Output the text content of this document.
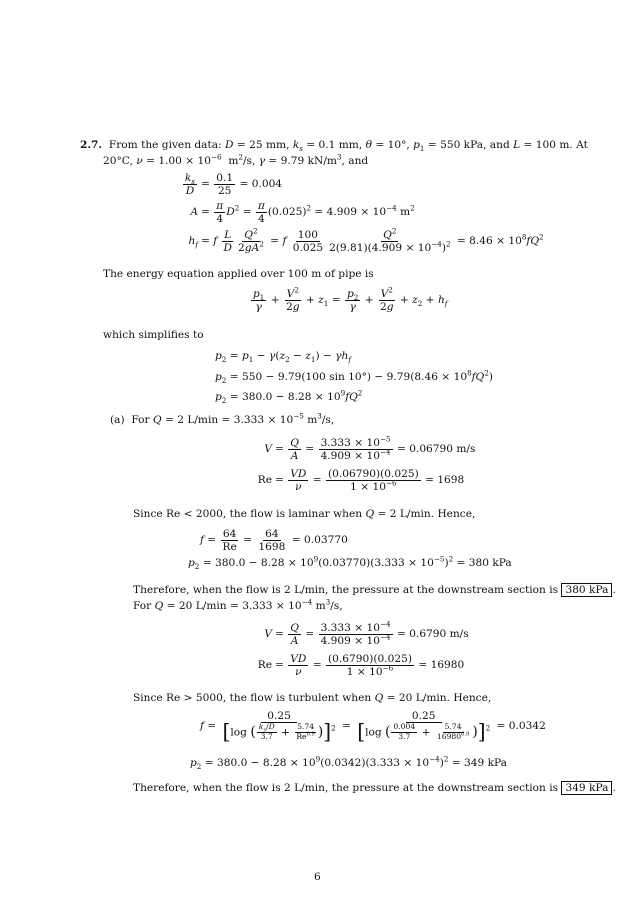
2.7.  From the given data: D = 25 mm, $k_s = 0.1$ mm, θ = 10°, $p_1 = 550$ kPa, and L = 100 m. At
20°C, $\nu = 1.00 \times 10^{-6}$  $m^2/s$, γ = 9.79 $kN/m^3$, and
$\frac{k_s}{D} = \frac{0.1}{25} = 0.004$
$A = \frac{\pi}{4} D^2 = \frac{\pi}{4} (0.025)^2 = 4.909 \times 10^{-4}$ $m^2$
$h_f = f \frac{L}{D} \frac{Q^2}{2gA^2} = f \frac{100}{0.025} \frac{Q^2}{2(9.81)(4.909 \times 10^{-4})^2} = 8.46 \times 10^8fQ^2$
The energy equation applied over 100 m of pipe is
$\frac{p_1}{\gamma} + \frac{V^2}{2g} + z_1 = \frac{p_2}{\gamma} + \frac{V^2}{2g} + z_2 + h_f$
which simplifies to
$p_2 = p_1 - \gamma(z_2 - z_1) - \gamma h_f$
$p_2 = 550 - 9.79(100$ $\sin 10^\circ) - 9.79(8.46 \times 10^8fQ^2)$
$p_2 = 380.0 - 8.28 \times 10^9fQ^2$
(a)  For Q = 2 $L/\min = 3.333 \times 10^{-5}$ $m^3/s$,
$V = \frac{Q}{A} = \frac{3.333 \times 10^{-5}}{4.909 \times 10^{-4}} = 0.06790$ m/s
$Re = \frac{VD}{\nu} = \frac{(0.06790)(0.025)}{1 \times 10^{-6}} = 1698$
Since Re < 2000, the flow is laminar when Q = 2 L/min. Hence,
$f = \frac{64}{Re} = \frac{64}{1698} = 0.03770$
$p_2 = 380.0 - 8.28 \times 10^9(0.03770)(3.333 \times 10^{-5})^2 = 380$ kPa
Therefore, when the flow is 2 L/min, the pressure at the downstream section is 380 kPa .
For Q = 20 $L/\min = 3.333 \times 10^{-4}$ $m^3/s$,
$V = \frac{Q}{A} = \frac{3.333 \times 10^{-4}}{4.909 \times 10^{-4}} = 0.6790$ m/s
$Re = \frac{VD}{\nu} = \frac{(0.6790)(0.025)}{1 \times 10^{-6}} = 16980$
Since Re > 5000, the flow is turbulent when Q = 20 L/min. Hence,
$f = \frac{0.25}{[\log ( \frac{k_s/D}{3.7} + \frac{5.74}{Re^{0.9}} )]^2} = \frac{0.25}{[\log ( \frac{0.004}{3.7} + \frac{5.74}{16980^{0.9}} )]^2} = 0.0342$
$p_2 = 380.0 - 8.28 \times 10^9(0.0342)(3.333 \times 10^{-4})^2 = 349$ kPa
Therefore, when the flow is 2 L/min, the pressure at the downstream section is 349 kPa .
6
